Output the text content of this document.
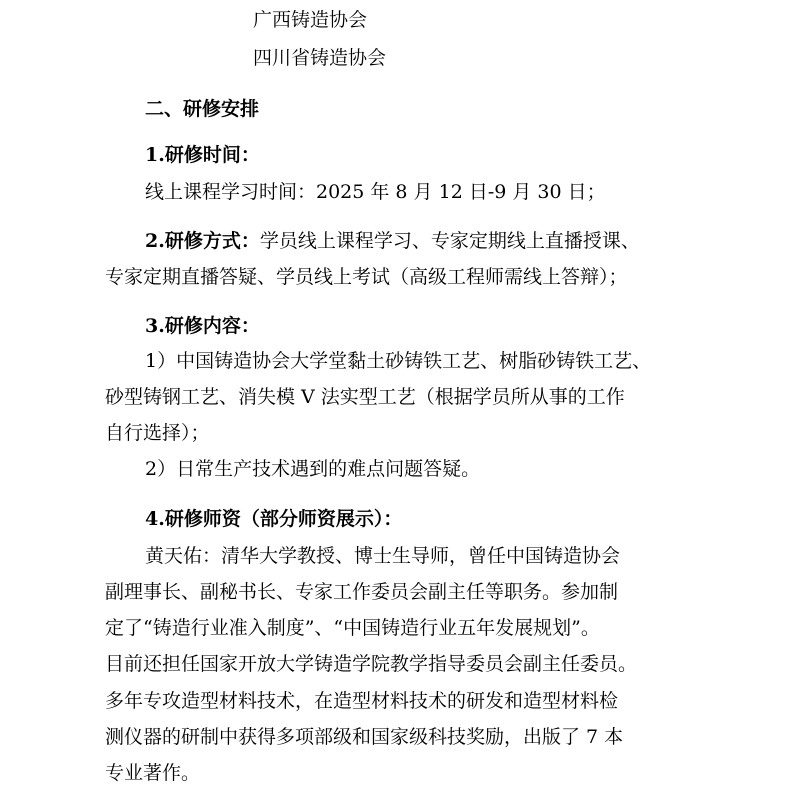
广西铸造协会
四川省铸造协会
二、研修安排
1.研修时间：
线上课程学习时间：2025 年 8 月 12 日-9 月 30 日；
2.研修方式：学员线上课程学习、专家定期线上直播授课、
专家定期直播答疑、学员线上考试（高级工程师需线上答辩）；
3.研修内容：
1）中国铸造协会大学堂黏土砂铸铁工艺、树脂砂铸铁工艺、
砂型铸钢工艺、消失模 V 法实型工艺（根据学员所从事的工作
自行选择）；
2）日常生产技术遇到的难点问题答疑。
4.研修师资（部分师资展示）：
黄天佑：清华大学教授、博士生导师，曾任中国铸造协会
副理事长、副秘书长、专家工作委员会副主任等职务。参加制
定了“铸造行业准入制度”、“中国铸造行业五年发展规划”。
目前还担任国家开放大学铸造学院教学指导委员会副主任委员。
多年专攻造型材料技术，在造型材料技术的研发和造型材料检
测仪器的研制中获得多项部级和国家级科技奖励，出版了 7 本
专业著作。
